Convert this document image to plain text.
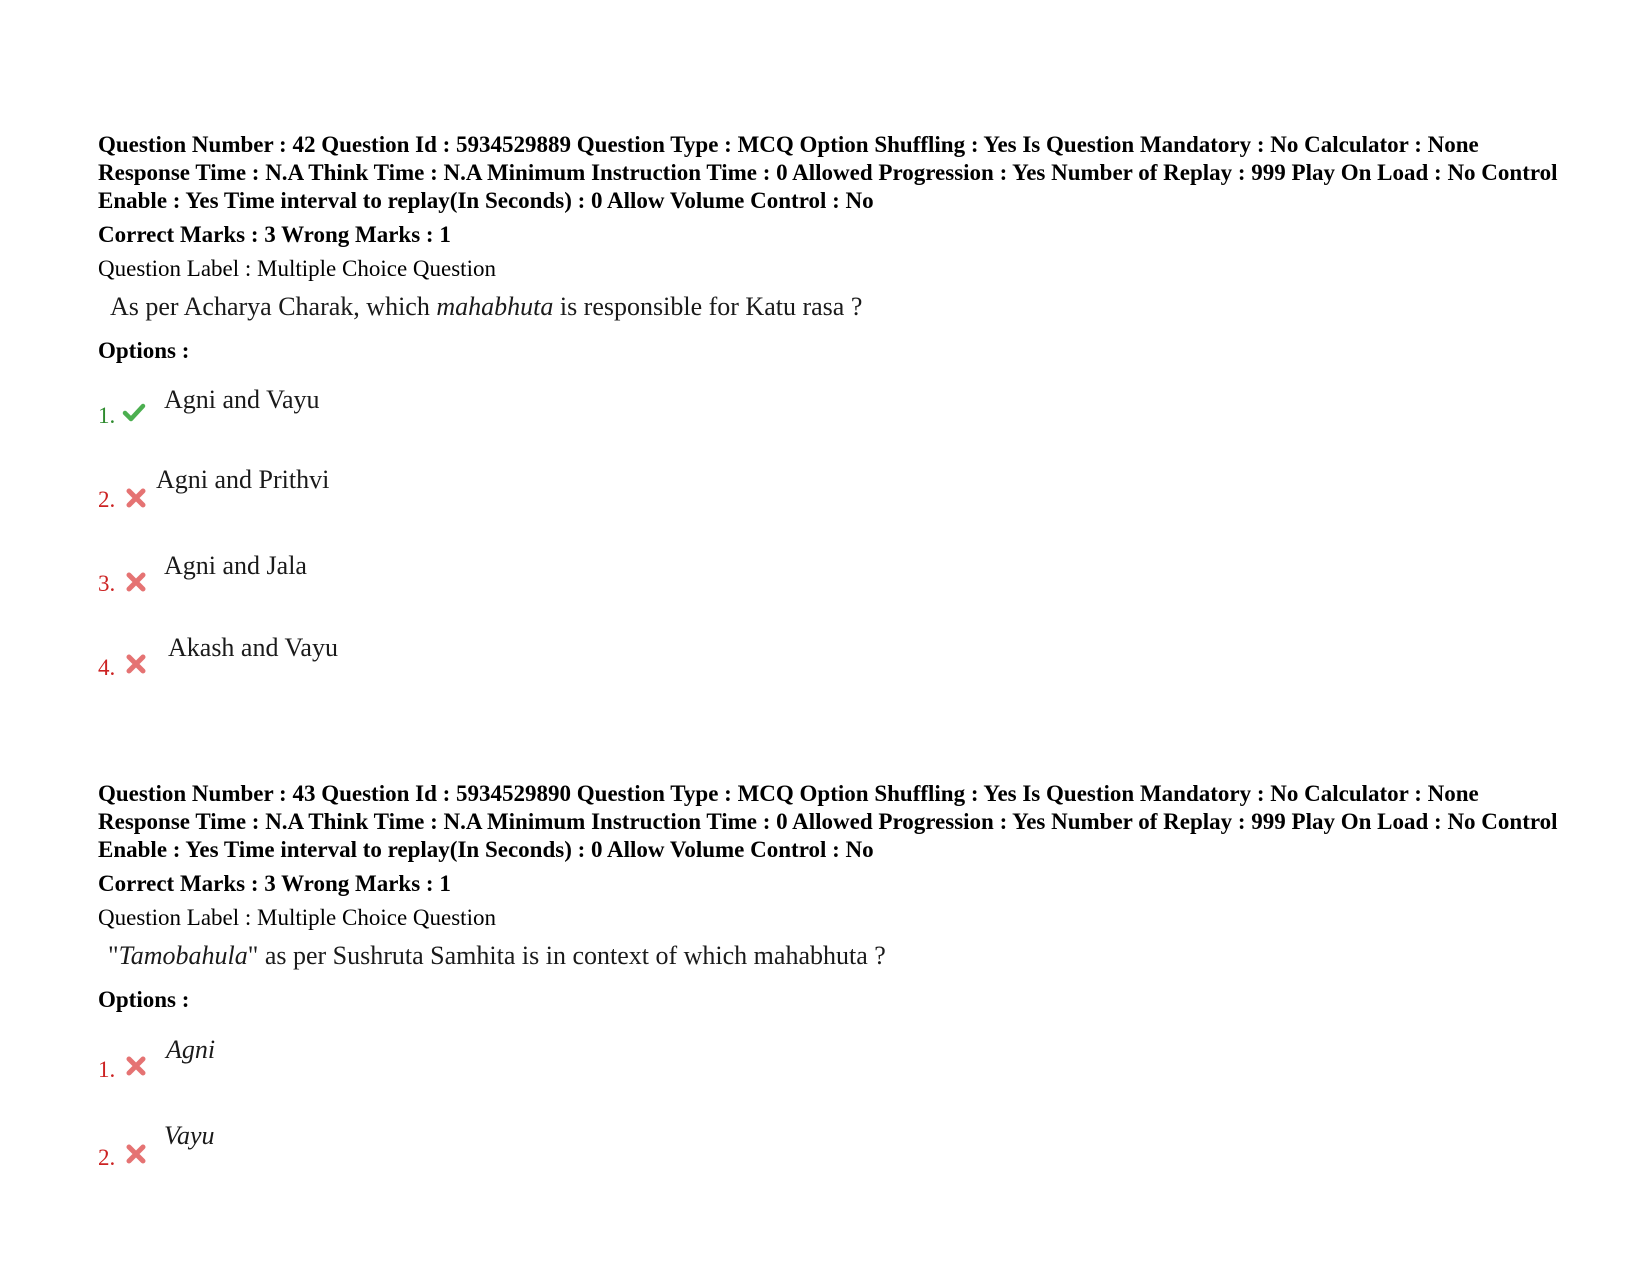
Question Number : 42 Question Id : 5934529889 Question Type : MCQ Option Shuffling : Yes Is Question Mandatory : No Calculator : None Response Time : N.A Think Time : N.A Minimum Instruction Time : 0 Allowed Progression : Yes Number of Replay : 999 Play On Load : No Control Enable : Yes Time interval to replay(In Seconds) : 0 Allow Volume Control : No

Correct Marks : 3 Wrong Marks : 1
Question Label : Multiple Choice Question
As per Acharya Charak, which mahabhuta is responsible for Katu rasa ?
Options :
1.
Agni and Vayu
2.
Agni and Prithvi
3.
Agni and Jala
4.
Akash and Vayu

Question Number : 43 Question Id : 5934529890 Question Type : MCQ Option Shuffling : Yes Is Question Mandatory : No Calculator : None Response Time : N.A Think Time : N.A Minimum Instruction Time : 0 Allowed Progression : Yes Number of Replay : 999 Play On Load : No Control Enable : Yes Time interval to replay(In Seconds) : 0 Allow Volume Control : No

Correct Marks : 3 Wrong Marks : 1
Question Label : Multiple Choice Question
"Tamobahula" as per Sushruta Samhita is in context of which mahabhuta ?
Options :
1.
Agni
2.
Vayu
